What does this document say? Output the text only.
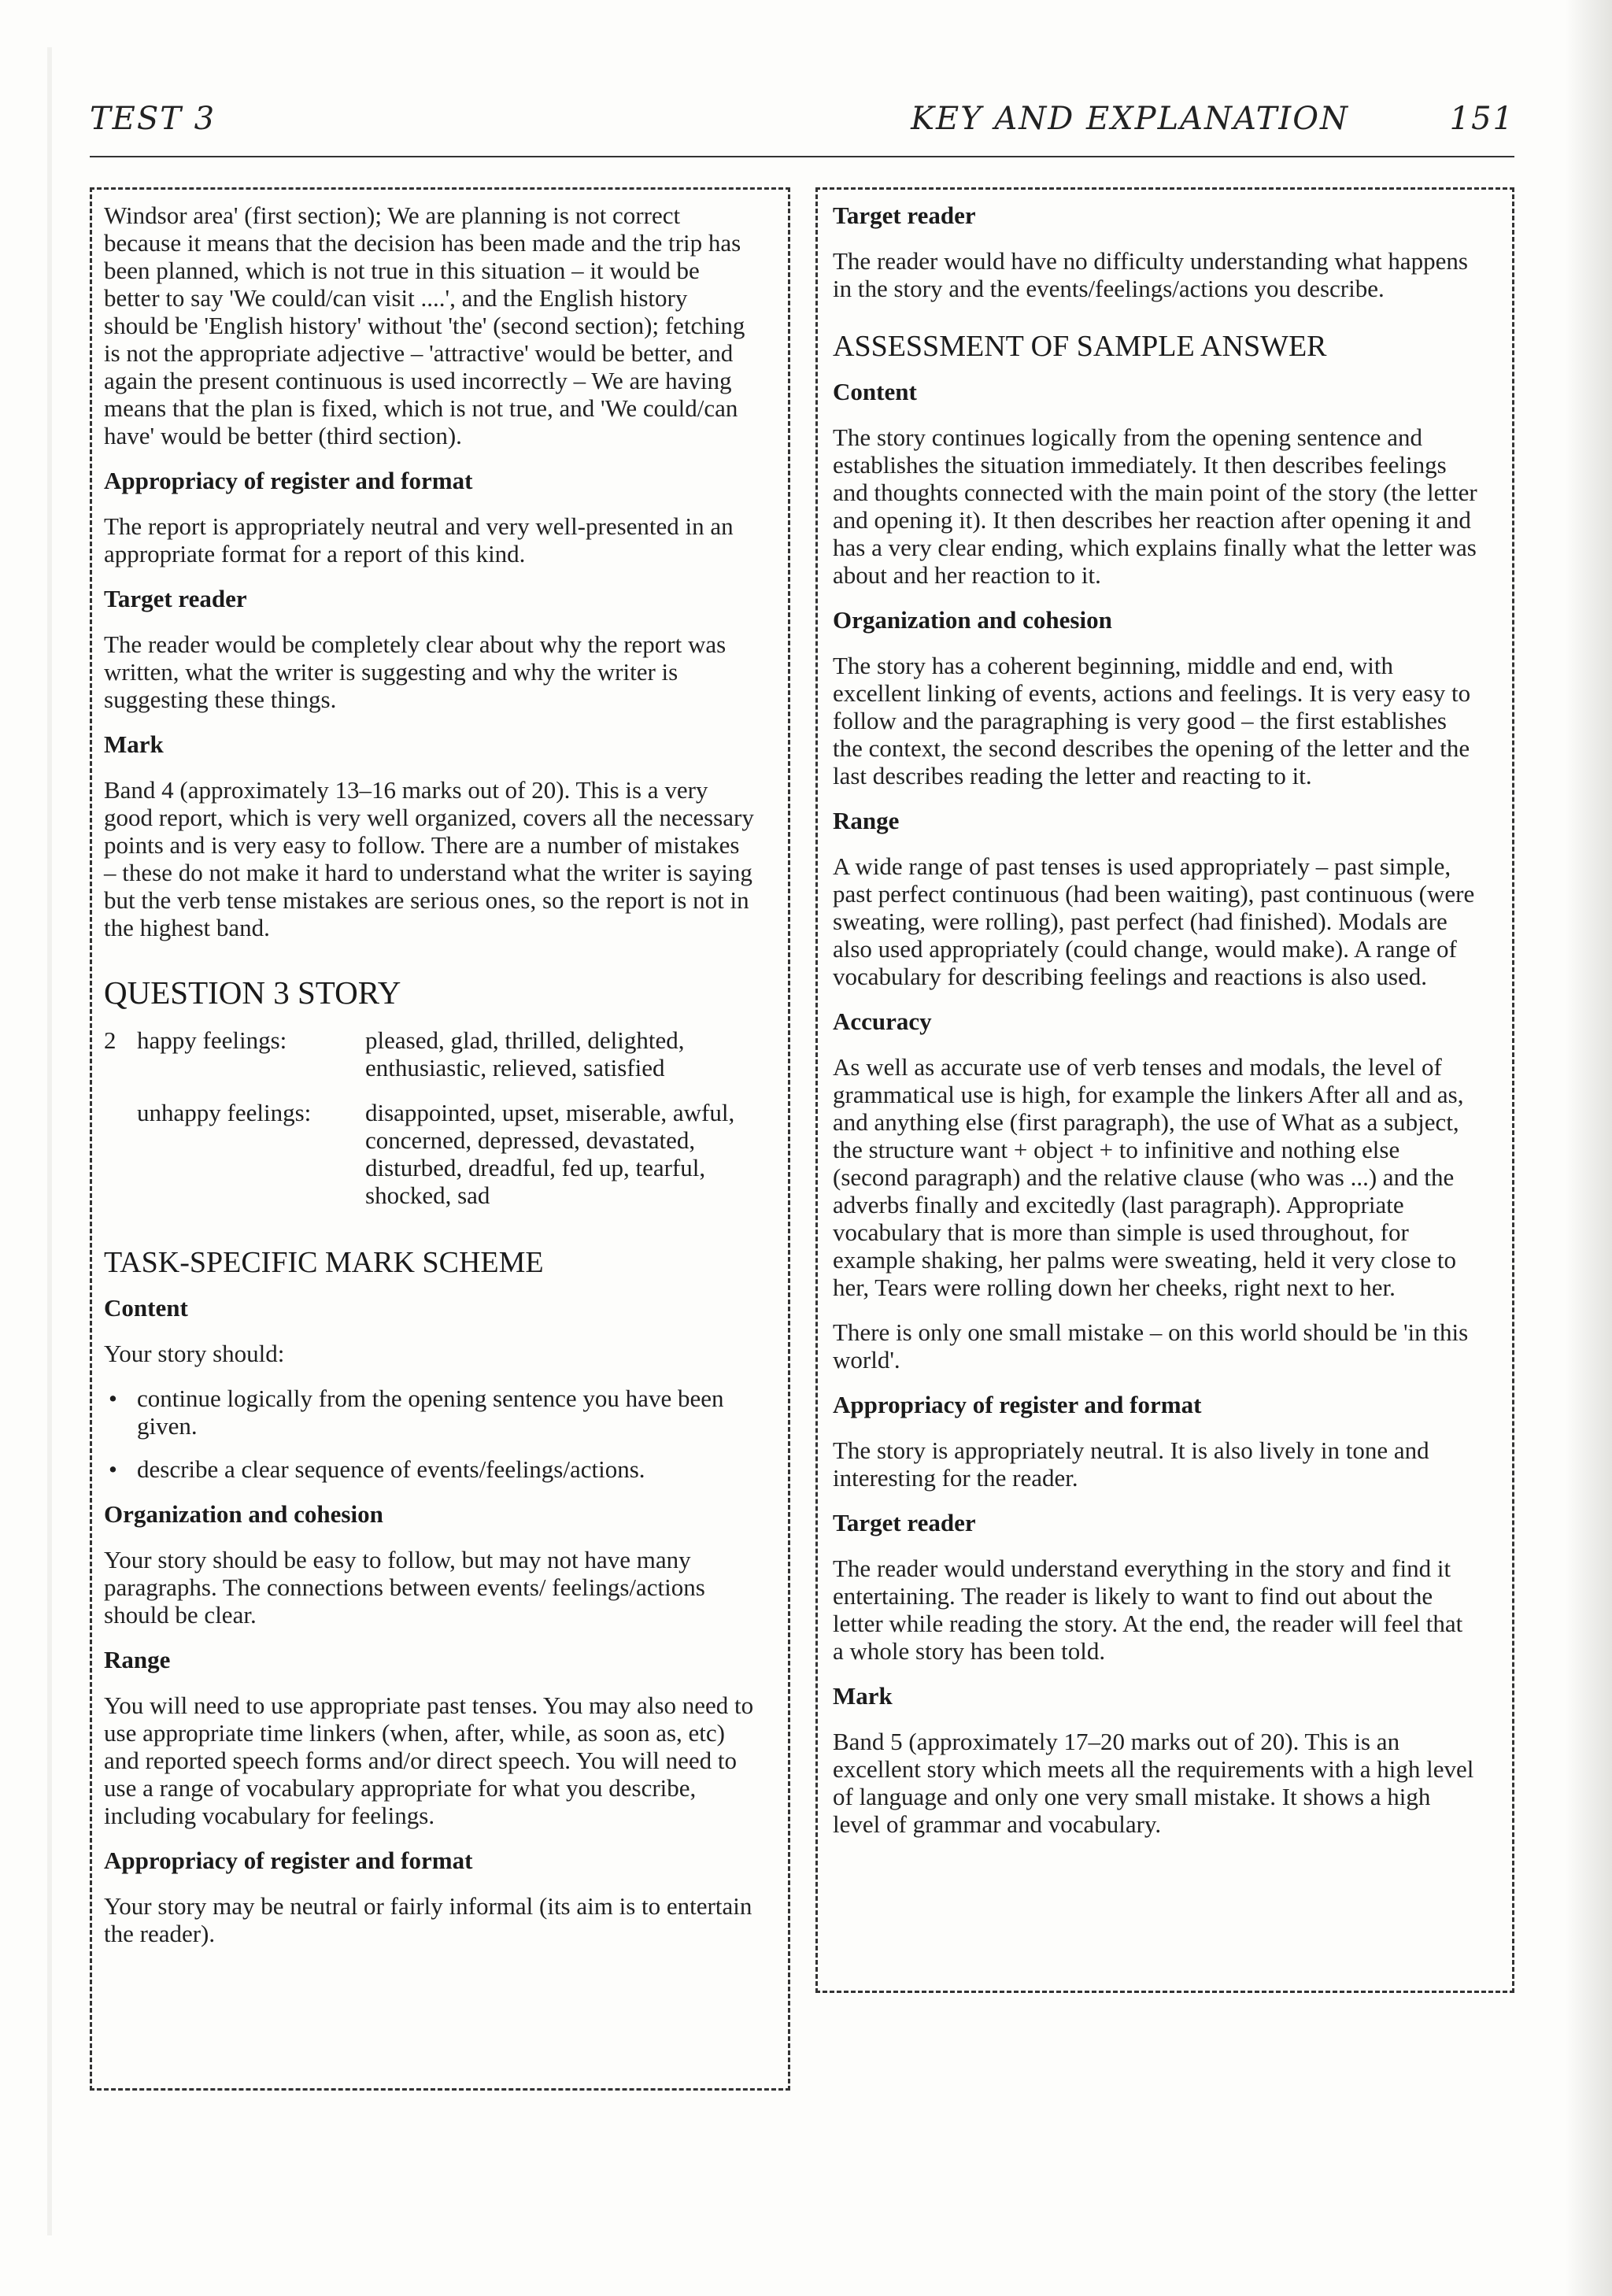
TEST 3	KEY AND EXPLANATION	151

Windsor area' (first section); We are planning is not correct because it means that the decision has been made and the trip has been planned, which is not true in this situation – it would be better to say 'We could/can visit ....', and the English history should be 'English history' without 'the' (second section); fetching is not the appropriate adjective – 'attractive' would be better, and again the present continuous is used incorrectly – We are having means that the plan is fixed, which is not true, and 'We could/can have' would be better (third section).

Appropriacy of register and format

The report is appropriately neutral and very well-presented in an appropriate format for a report of this kind.

Target reader

The reader would be completely clear about why the report was written, what the writer is suggesting and why the writer is suggesting these things.

Mark

Band 4 (approximately 13–16 marks out of 20). This is a very good report, which is very well organized, covers all the necessary points and is very easy to follow. There are a number of mistakes – these do not make it hard to understand what the writer is saying but the verb tense mistakes are serious ones, so the report is not in the highest band.

QUESTION 3 STORY
2 happy feelings:	pleased, glad, thrilled, delighted, enthusiastic, relieved, satisfied
unhappy feelings:	disappointed, upset, miserable, awful, concerned, depressed, devastated, disturbed, dreadful, fed up, tearful, shocked, sad
TASK-SPECIFIC MARK SCHEME
Content

Your story should:

• continue logically from the opening sentence you have been given.
• describe a clear sequence of events/feelings/actions.
Organization and cohesion

Your story should be easy to follow, but may not have many paragraphs. The connections between events/ feelings/actions should be clear.

Range

You will need to use appropriate past tenses. You may also need to use appropriate time linkers (when, after, while, as soon as, etc) and reported speech forms and/or direct speech. You will need to use a range of vocabulary appropriate for what you describe, including vocabulary for feelings.

Appropriacy of register and format

Your story may be neutral or fairly informal (its aim is to entertain the reader).

Target reader

The reader would have no difficulty understanding what happens in the story and the events/feelings/actions you describe.

ASSESSMENT OF SAMPLE ANSWER
Content

The story continues logically from the opening sentence and establishes the situation immediately. It then describes feelings and thoughts connected with the main point of the story (the letter and opening it). It then describes her reaction after opening it and has a very clear ending, which explains finally what the letter was about and her reaction to it.

Organization and cohesion

The story has a coherent beginning, middle and end, with excellent linking of events, actions and feelings. It is very easy to follow and the paragraphing is very good – the first establishes the context, the second describes the opening of the letter and the last describes reading the letter and reacting to it.

Range

A wide range of past tenses is used appropriately – past simple, past perfect continuous (had been waiting), past continuous (were sweating, were rolling), past perfect (had finished). Modals are also used appropriately (could change, would make). A range of vocabulary for describing feelings and reactions is also used.

Accuracy

As well as accurate use of verb tenses and modals, the level of grammatical use is high, for example the linkers After all and as, and anything else (first paragraph), the use of What as a subject, the structure want + object + to infinitive and nothing else (second paragraph) and the relative clause (who was ...) and the adverbs finally and excitedly (last paragraph). Appropriate vocabulary that is more than simple is used throughout, for example shaking, her palms were sweating, held it very close to her, Tears were rolling down her cheeks, right next to her.

There is only one small mistake – on this world should be 'in this world'.

Appropriacy of register and format

The story is appropriately neutral. It is also lively in tone and interesting for the reader.

Target reader

The reader would understand everything in the story and find it entertaining. The reader is likely to want to find out about the letter while reading the story. At the end, the reader will feel that a whole story has been told.

Mark

Band 5 (approximately 17–20 marks out of 20). This is an excellent story which meets all the requirements with a high level of language and only one very small mistake. It shows a high level of grammar and vocabulary.
